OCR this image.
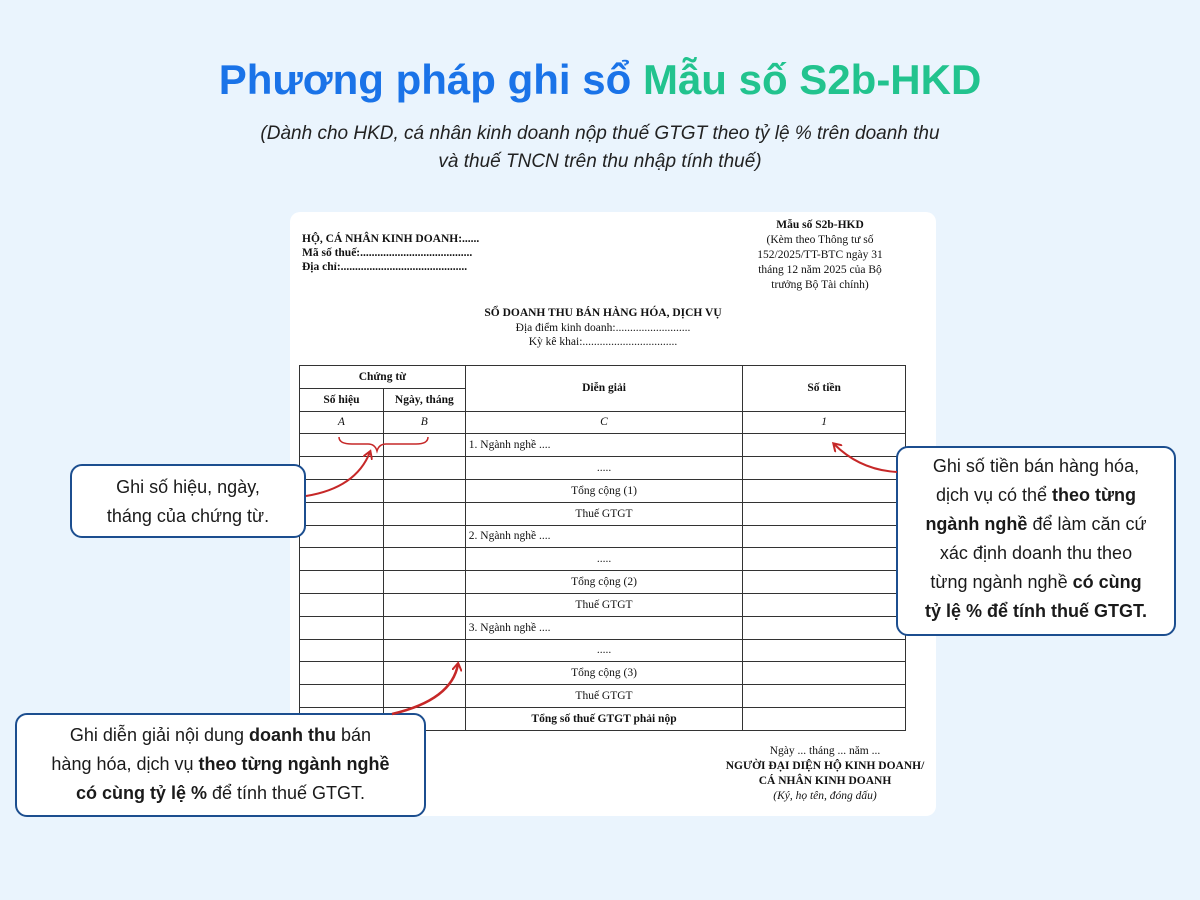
Phương pháp ghi sổ Mẫu số S2b-HKD
(Dành cho HKD, cá nhân kinh doanh nộp thuế GTGT theo tỷ lệ % trên doanh thu
và thuế TNCN trên thu nhập tính thuế)
HỘ, CÁ NHÂN KINH DOANH:......
Mã số thuế:.......................................
Địa chỉ:............................................
Mẫu số S2b-HKD
(Kèm theo Thông tư số
152/2025/TT-BTC ngày 31
tháng 12 năm 2025 của Bộ
trưởng Bộ Tài chính)
SỔ DOANH THU BÁN HÀNG HÓA, DỊCH VỤ
Địa điểm kinh doanh:..........................
Kỳ kê khai:.................................
Chứng từ		Diễn giải	Số tiền
Số hiệu	Ngày, tháng		
A	B	C	1
		1. Ngành nghề ....	
		.....	
		Tổng cộng (1)	
		Thuế GTGT	
		2. Ngành nghề ....	
		.....	
		Tổng cộng (2)	
		Thuế GTGT	
		3. Ngành nghề ....	
		.....	
		Tổng cộng (3)	
		Thuế GTGT	
		Tổng số thuế GTGT phải nộp	
Ngày ... tháng ... năm ...
NGƯỜI ĐẠI DIỆN HỘ KINH DOANH/
CÁ NHÂN KINH DOANH
(Ký, họ tên, đóng dấu)
Ghi số hiệu, ngày,
tháng của chứng từ.
Ghi số tiền bán hàng hóa,
dịch vụ có thể theo từng
ngành nghề để làm căn cứ
xác định doanh thu theo
từng ngành nghề có cùng
tỷ lệ % để tính thuế GTGT.
Ghi diễn giải nội dung doanh thu bán
hàng hóa, dịch vụ theo từng ngành nghề
có cùng tỷ lệ % để tính thuế GTGT.
